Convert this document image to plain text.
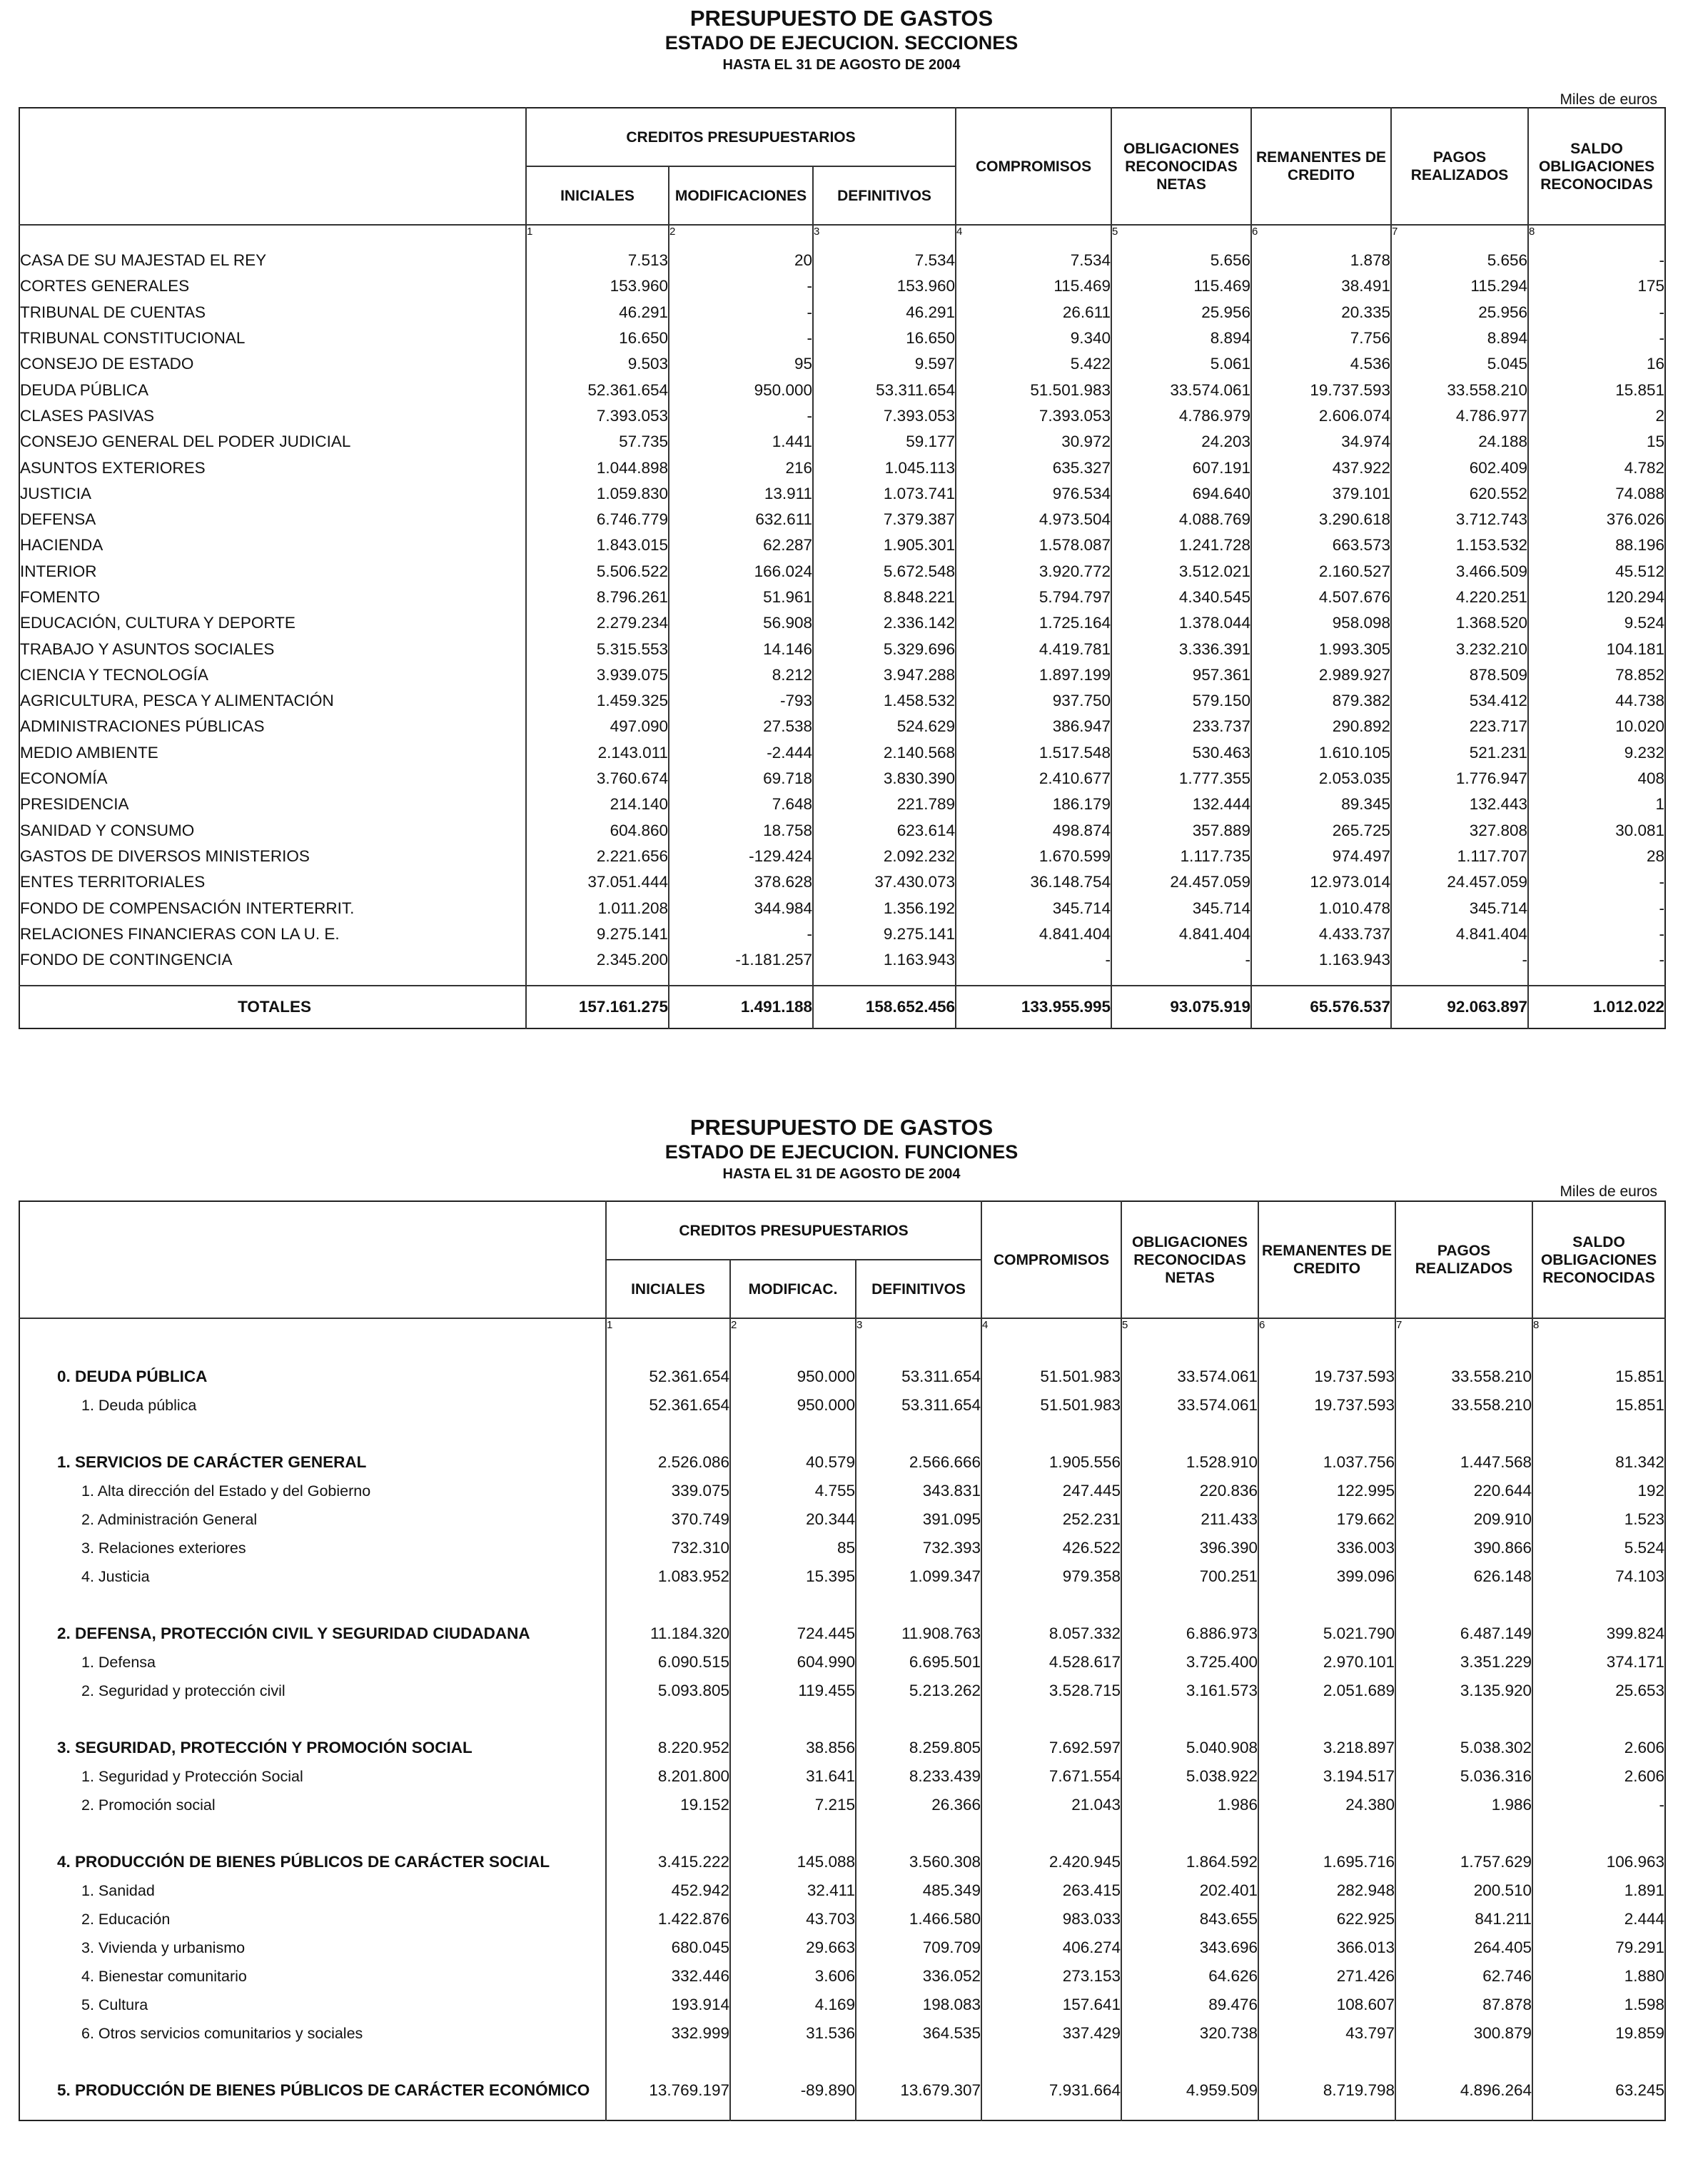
PRESUPUESTO DE GASTOS
ESTADO DE EJECUCION. SECCIONES
HASTA EL 31 DE AGOSTO DE 2004
Miles de euros
	CREDITOS PRESUPUESTARIOS			COMPROMISOS	OBLIGACIONES RECONOCIDAS NETAS	REMANENTES DE CREDITO	PAGOS REALIZADOS	SALDO OBLIGACIONES RECONOCIDAS
	INICIALES	MODIFICACIONES	DEFINITIVOS					
	1	2	3	4	5	6	7	8

CASA DE SU MAJESTAD EL REY	7.513	20	7.534	7.534	5.656	1.878	5.656	-
CORTES GENERALES	153.960	-	153.960	115.469	115.469	38.491	115.294	175
TRIBUNAL DE CUENTAS	46.291	-	46.291	26.611	25.956	20.335	25.956	-
TRIBUNAL CONSTITUCIONAL	16.650	-	16.650	9.340	8.894	7.756	8.894	-
CONSEJO DE ESTADO	9.503	95	9.597	5.422	5.061	4.536	5.045	16
DEUDA PÚBLICA	52.361.654	950.000	53.311.654	51.501.983	33.574.061	19.737.593	33.558.210	15.851
CLASES PASIVAS	7.393.053	-	7.393.053	7.393.053	4.786.979	2.606.074	4.786.977	2
CONSEJO GENERAL DEL PODER JUDICIAL	57.735	1.441	59.177	30.972	24.203	34.974	24.188	15
ASUNTOS EXTERIORES	1.044.898	216	1.045.113	635.327	607.191	437.922	602.409	4.782
JUSTICIA	1.059.830	13.911	1.073.741	976.534	694.640	379.101	620.552	74.088
DEFENSA	6.746.779	632.611	7.379.387	4.973.504	4.088.769	3.290.618	3.712.743	376.026
HACIENDA	1.843.015	62.287	1.905.301	1.578.087	1.241.728	663.573	1.153.532	88.196
INTERIOR	5.506.522	166.024	5.672.548	3.920.772	3.512.021	2.160.527	3.466.509	45.512
FOMENTO	8.796.261	51.961	8.848.221	5.794.797	4.340.545	4.507.676	4.220.251	120.294
EDUCACIÓN, CULTURA Y DEPORTE	2.279.234	56.908	2.336.142	1.725.164	1.378.044	958.098	1.368.520	9.524
TRABAJO Y ASUNTOS SOCIALES	5.315.553	14.146	5.329.696	4.419.781	3.336.391	1.993.305	3.232.210	104.181
CIENCIA Y TECNOLOGÍA	3.939.075	8.212	3.947.288	1.897.199	957.361	2.989.927	878.509	78.852
AGRICULTURA, PESCA Y ALIMENTACIÓN	1.459.325	-793	1.458.532	937.750	579.150	879.382	534.412	44.738
ADMINISTRACIONES PÚBLICAS	497.090	27.538	524.629	386.947	233.737	290.892	223.717	10.020
MEDIO AMBIENTE	2.143.011	-2.444	2.140.568	1.517.548	530.463	1.610.105	521.231	9.232
ECONOMÍA	3.760.674	69.718	3.830.390	2.410.677	1.777.355	2.053.035	1.776.947	408
PRESIDENCIA	214.140	7.648	221.789	186.179	132.444	89.345	132.443	1
SANIDAD Y CONSUMO	604.860	18.758	623.614	498.874	357.889	265.725	327.808	30.081
GASTOS DE DIVERSOS MINISTERIOS	2.221.656	-129.424	2.092.232	1.670.599	1.117.735	974.497	1.117.707	28
ENTES TERRITORIALES	37.051.444	378.628	37.430.073	36.148.754	24.457.059	12.973.014	24.457.059	-
FONDO DE COMPENSACIÓN INTERTERRIT.	1.011.208	344.984	1.356.192	345.714	345.714	1.010.478	345.714	-
RELACIONES FINANCIERAS CON LA U. E.	9.275.141	-	9.275.141	4.841.404	4.841.404	4.433.737	4.841.404	-
FONDO DE CONTINGENCIA	2.345.200	-1.181.257	1.163.943	-	-	1.163.943	-	-

TOTALES	157.161.275	1.491.188	158.652.456	133.955.995	93.075.919	65.576.537	92.063.897	1.012.022
PRESUPUESTO DE GASTOS
ESTADO DE EJECUCION. FUNCIONES
HASTA EL 31 DE AGOSTO DE 2004
Miles de euros
	CREDITOS PRESUPUESTARIOS			COMPROMISOS	OBLIGACIONES RECONOCIDAS NETAS	REMANENTES DE CREDITO	PAGOS REALIZADOS	SALDO OBLIGACIONES RECONOCIDAS
	INICIALES	MODIFICAC.	DEFINITIVOS					
	1	2	3	4	5	6	7	8

0. DEUDA PÚBLICA	52.361.654	950.000	53.311.654	51.501.983	33.574.061	19.737.593	33.558.210	15.851
1. Deuda pública	52.361.654	950.000	53.311.654	51.501.983	33.574.061	19.737.593	33.558.210	15.851

1. SERVICIOS DE CARÁCTER GENERAL	2.526.086	40.579	2.566.666	1.905.556	1.528.910	1.037.756	1.447.568	81.342
1. Alta dirección del Estado y del Gobierno	339.075	4.755	343.831	247.445	220.836	122.995	220.644	192
2. Administración General	370.749	20.344	391.095	252.231	211.433	179.662	209.910	1.523
3. Relaciones exteriores	732.310	85	732.393	426.522	396.390	336.003	390.866	5.524
4. Justicia	1.083.952	15.395	1.099.347	979.358	700.251	399.096	626.148	74.103

2. DEFENSA, PROTECCIÓN CIVIL Y SEGURIDAD CIUDADANA	11.184.320	724.445	11.908.763	8.057.332	6.886.973	5.021.790	6.487.149	399.824
1. Defensa	6.090.515	604.990	6.695.501	4.528.617	3.725.400	2.970.101	3.351.229	374.171
2. Seguridad y protección civil	5.093.805	119.455	5.213.262	3.528.715	3.161.573	2.051.689	3.135.920	25.653

3. SEGURIDAD, PROTECCIÓN Y PROMOCIÓN SOCIAL	8.220.952	38.856	8.259.805	7.692.597	5.040.908	3.218.897	5.038.302	2.606
1. Seguridad y Protección Social	8.201.800	31.641	8.233.439	7.671.554	5.038.922	3.194.517	5.036.316	2.606
2. Promoción social	19.152	7.215	26.366	21.043	1.986	24.380	1.986	-

4. PRODUCCIÓN DE BIENES PÚBLICOS DE CARÁCTER SOCIAL	3.415.222	145.088	3.560.308	2.420.945	1.864.592	1.695.716	1.757.629	106.963
1. Sanidad	452.942	32.411	485.349	263.415	202.401	282.948	200.510	1.891
2. Educación	1.422.876	43.703	1.466.580	983.033	843.655	622.925	841.211	2.444
3. Vivienda y urbanismo	680.045	29.663	709.709	406.274	343.696	366.013	264.405	79.291
4. Bienestar comunitario	332.446	3.606	336.052	273.153	64.626	271.426	62.746	1.880
5. Cultura	193.914	4.169	198.083	157.641	89.476	108.607	87.878	1.598
6. Otros servicios comunitarios y sociales	332.999	31.536	364.535	337.429	320.738	43.797	300.879	19.859

5. PRODUCCIÓN DE BIENES PÚBLICOS DE CARÁCTER ECONÓMICO	13.769.197	-89.890	13.679.307	7.931.664	4.959.509	8.719.798	4.896.264	63.245
